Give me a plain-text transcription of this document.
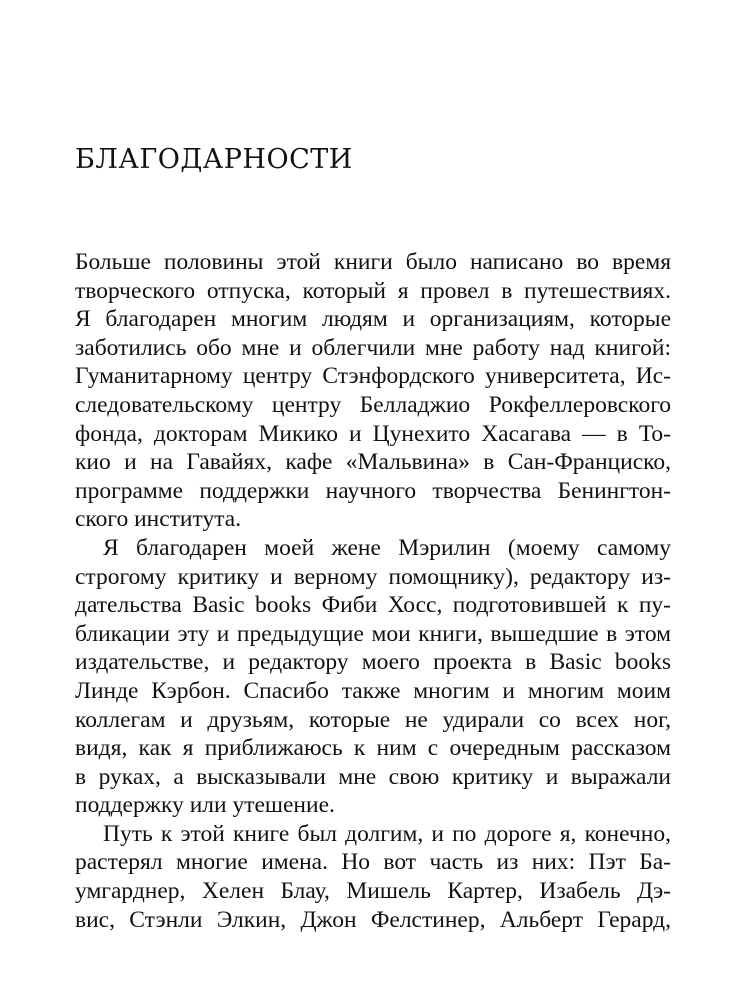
БЛАГОДАРНОСТИ
Больше половины этой книги было написано во время
творческого отпуска, который я провел в путешествиях.
Я благодарен многим людям и организациям, которые
заботились обо мне и облегчили мне работу над книгой:
Гуманитарному центру Стэнфордского университета, Ис-
следовательскому центру Белладжио Рокфеллеровского
фонда, докторам Микико и Цунехито Хасагава — в То-
кио и на Гавайях, кафе «Мальвина» в Сан-Франциско,
программе поддержки научного творчества Бенингтон-
ского института.
Я благодарен моей жене Мэрилин (моему самому
строгому критику и верному помощнику), редактору из-
дательства Basic books Фиби Хосс, подготовившей к пу-
бликации эту и предыдущие мои книги, вышедшие в этом
издательстве, и редактору моего проекта в Basic books
Линде Кэрбон. Спасибо также многим и многим моим
коллегам и друзьям, которые не удирали со всех ног,
видя, как я приближаюсь к ним с очередным рассказом
в руках, а высказывали мне свою критику и выражали
поддержку или утешение.
Путь к этой книге был долгим, и по дороге я, конечно,
растерял многие имена. Но вот часть из них: Пэт Ба-
умгарднер, Хелен Блау, Мишель Картер, Изабель Дэ-
вис, Стэнли Элкин, Джон Фелстинер, Альберт Герард,
